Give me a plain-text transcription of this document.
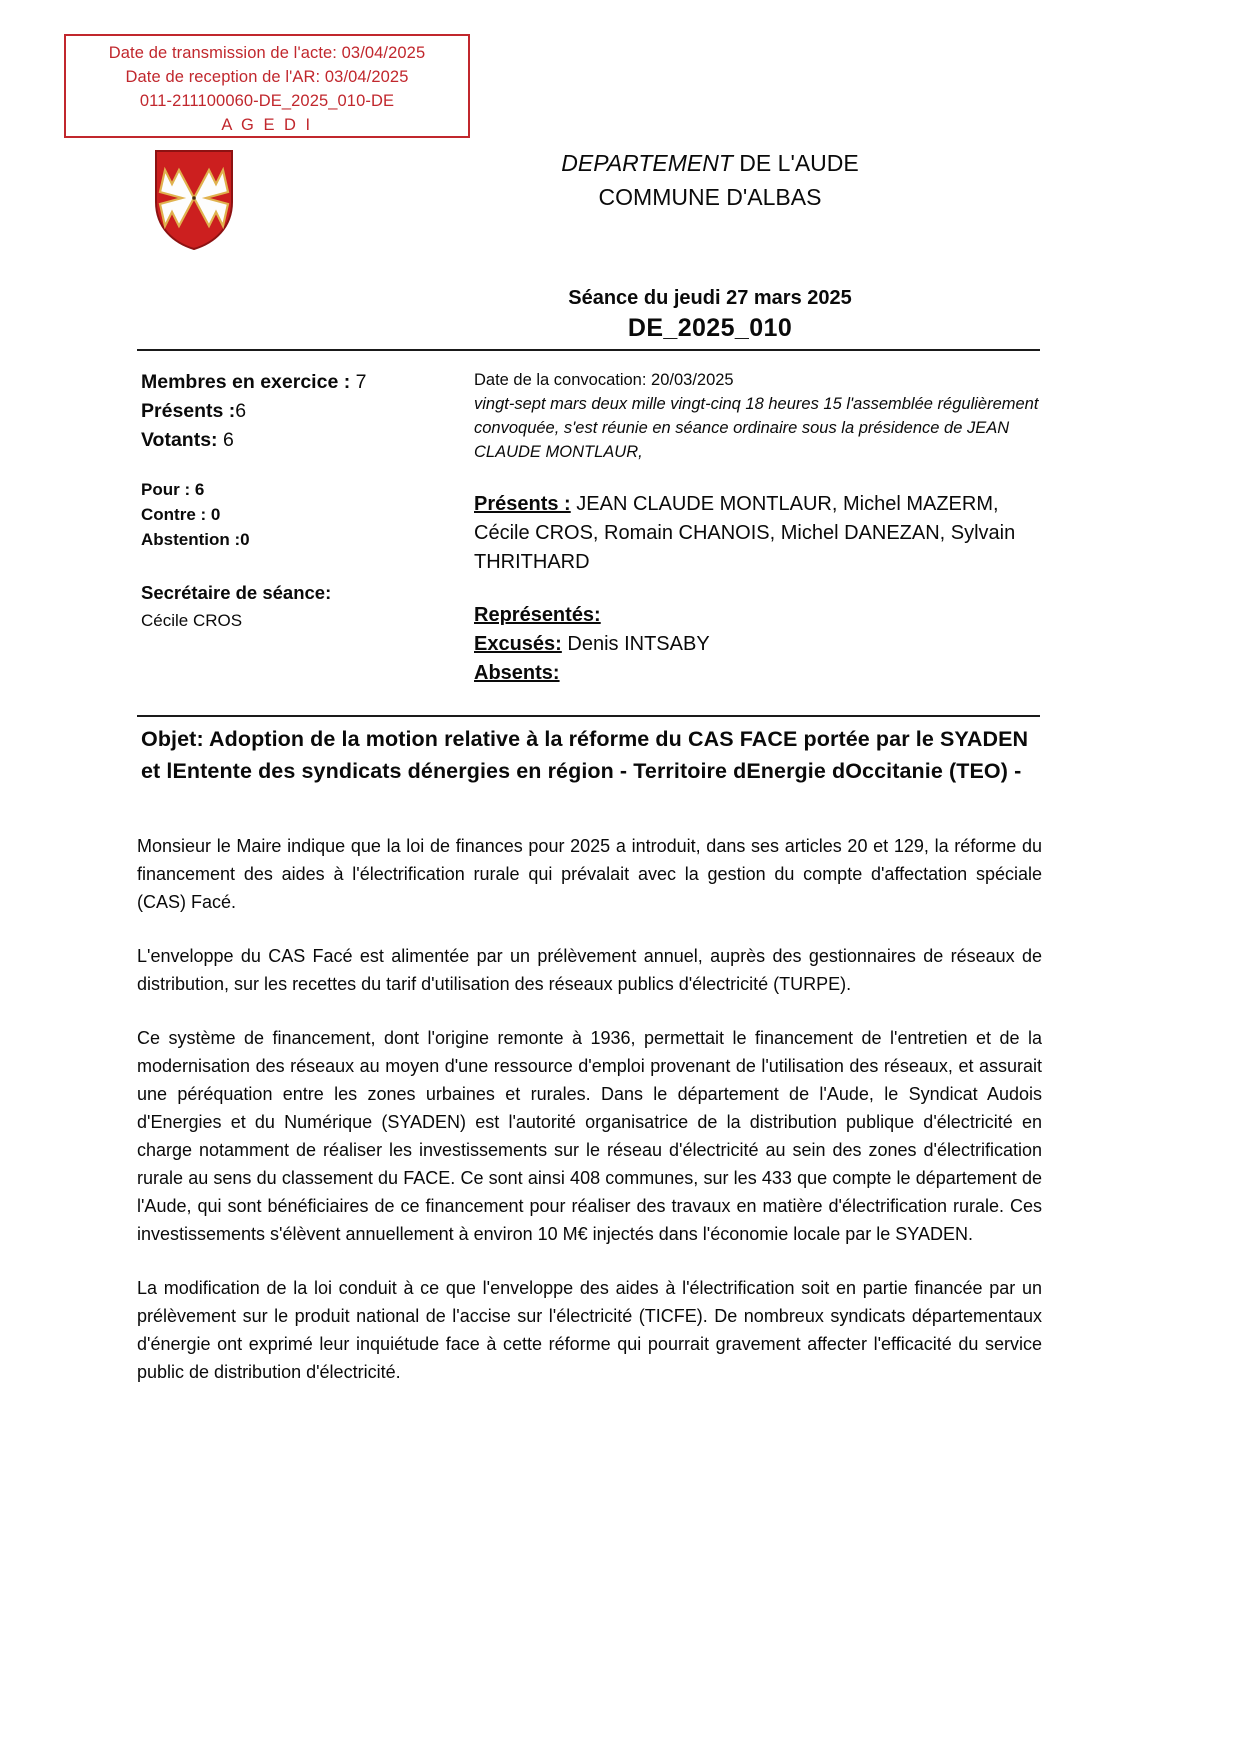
Date de transmission de l'acte: 03/04/2025
Date de reception de l'AR: 03/04/2025
011-211100060-DE_2025_010-DE
A G E D I
DEPARTEMENT DE L'AUDE
COMMUNE D'ALBAS
Séance du jeudi 27 mars 2025
DE_2025_010
Membres en exercice : 7
Présents :6
Votants: 6
Pour : 6
Contre : 0
Abstention :0
Secrétaire de séance:
Cécile CROS
Date de la convocation: 20/03/2025
vingt-sept mars deux mille vingt-cinq 18 heures 15 l'assemblée régulièrement convoquée, s'est réunie en séance ordinaire sous la présidence de JEAN CLAUDE MONTLAUR,
Présents : JEAN CLAUDE MONTLAUR, Michel MAZERM, Cécile CROS, Romain CHANOIS, Michel DANEZAN, Sylvain THRITHARD
Représentés:
Excusés: Denis INTSABY
Absents:
Objet: Adoption de la motion relative à la réforme du CAS FACE portée par le SYADEN et lEntente des syndicats dénergies en région - Territoire dEnergie dOccitanie (TEO) -

Monsieur le Maire indique que la loi de finances pour 2025 a introduit, dans ses articles 20 et 129, la réforme du financement des aides à l'électrification rurale qui prévalait avec la gestion du compte d'affectation spéciale (CAS) Facé.

L'enveloppe du CAS Facé est alimentée par un prélèvement annuel, auprès des gestionnaires de réseaux de distribution, sur les recettes du tarif d'utilisation des réseaux publics d'électricité (TURPE).

Ce système de financement, dont l'origine remonte à 1936, permettait le financement de l'entretien et de la modernisation des réseaux au moyen d'une ressource d'emploi provenant de l'utilisation des réseaux, et assurait une péréquation entre les zones urbaines et rurales. Dans le département de l'Aude, le Syndicat Audois d'Energies et du Numérique (SYADEN) est l'autorité organisatrice de la distribution publique d'électricité en charge notamment de réaliser les investissements sur le réseau d'électricité au sein des zones d'électrification rurale au sens du classement du FACE. Ce sont ainsi 408 communes, sur les 433 que compte le département de l'Aude, qui sont bénéficiaires de ce financement pour réaliser des travaux en matière d'électrification rurale. Ces investissements s'élèvent annuellement à environ 10 M€ injectés dans l'économie locale par le SYADEN.

La modification de la loi conduit à ce que l'enveloppe des aides à l'électrification soit en partie financée par un prélèvement sur le produit national de l'accise sur l'électricité (TICFE). De nombreux syndicats départementaux d'énergie ont exprimé leur inquiétude face à cette réforme qui pourrait gravement affecter l'efficacité du service public de distribution d'électricité.
